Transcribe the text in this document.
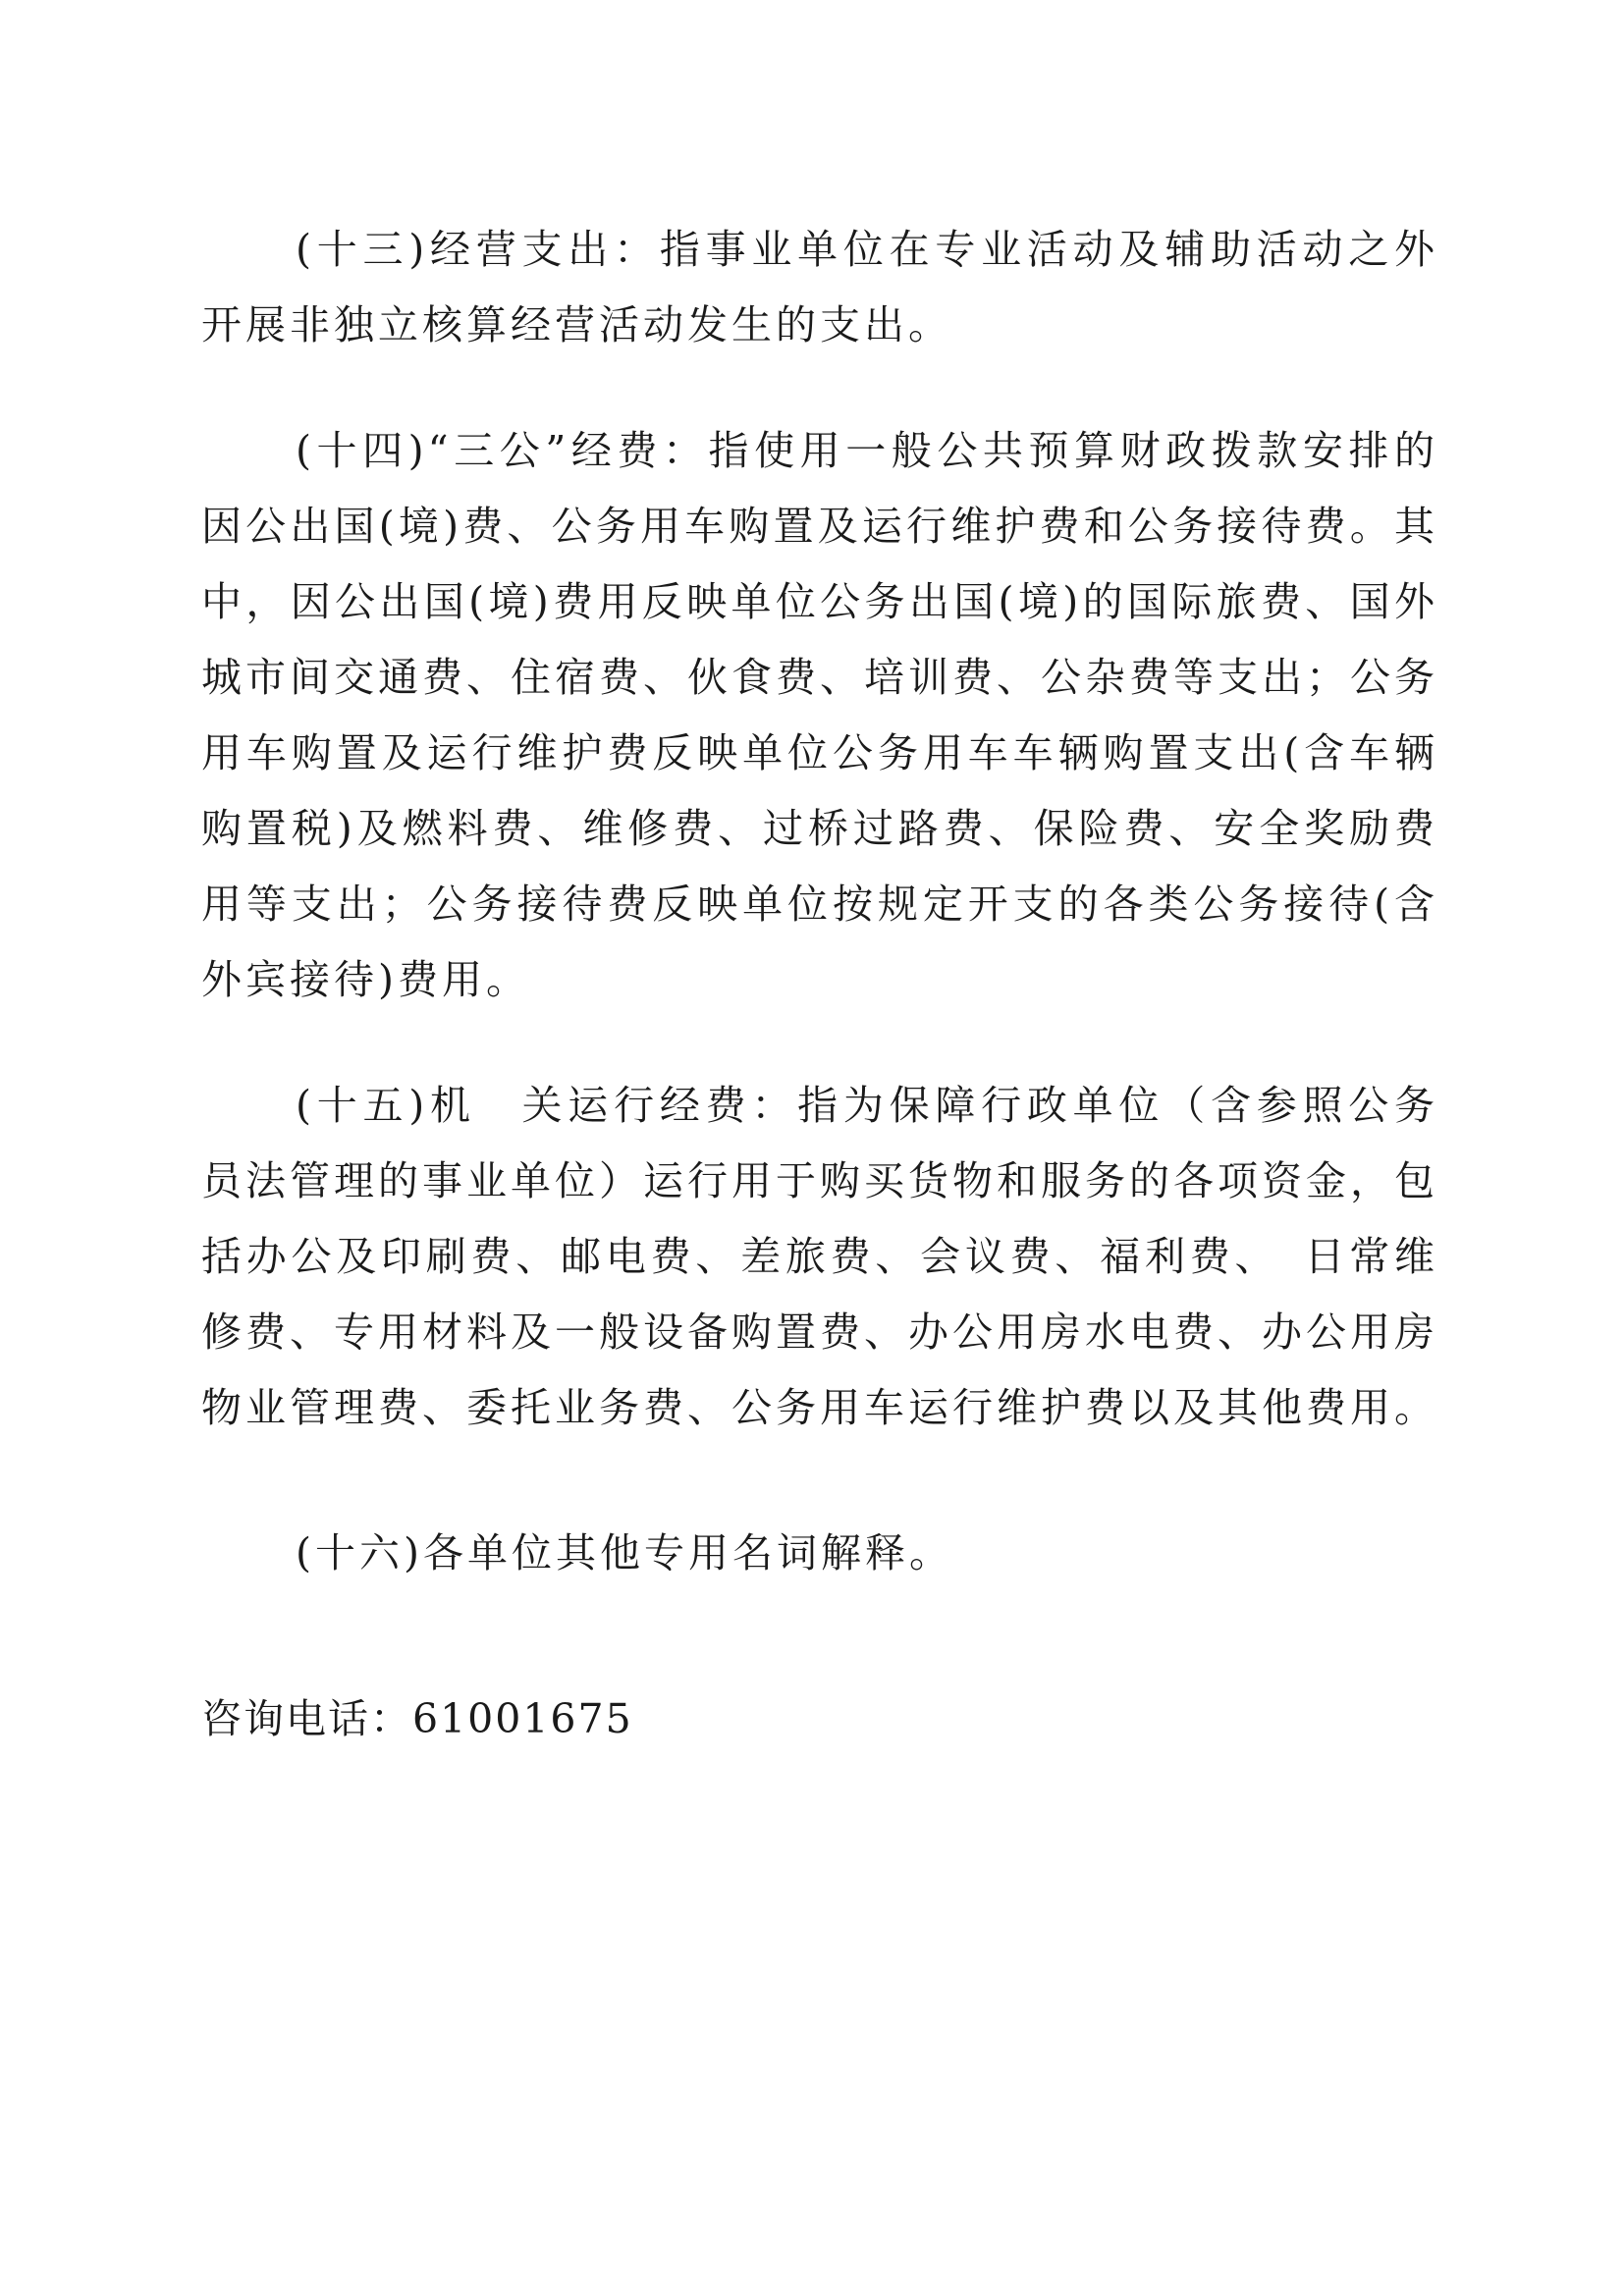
(十三)经营支出：指事业单位在专业活动及辅助活动之外开展非独立核算经营活动发生的支出。

(十四)“三公”经费：指使用一般公共预算财政拨款安排的因公出国(境)费、公务用车购置及运行维护费和公务接待费。其中，因公出国(境)费用反映单位公务出国(境)的国际旅费、国外城市间交通费、住宿费、伙食费、培训费、公杂费等支出；公务用车购置及运行维护费反映单位公务用车车辆购置支出(含车辆购置税)及燃料费、维修费、过桥过路费、保险费、安全奖励费用等支出；公务接待费反映单位按规定开支的各类公务接待(含外宾接待)费用。

(十五)机　关运行经费：指为保障行政单位（含参照公务员法管理的事业单位）运行用于购买货物和服务的各项资金，包括办公及印刷费、邮电费、差旅费、会议费、福利费、　日常维修费、专用材料及一般设备购置费、办公用房水电费、办公用房物业管理费、委托业务费、公务用车运行维护费以及其他费用。

(十六)各单位其他专用名词解释。

咨询电话：61001675
